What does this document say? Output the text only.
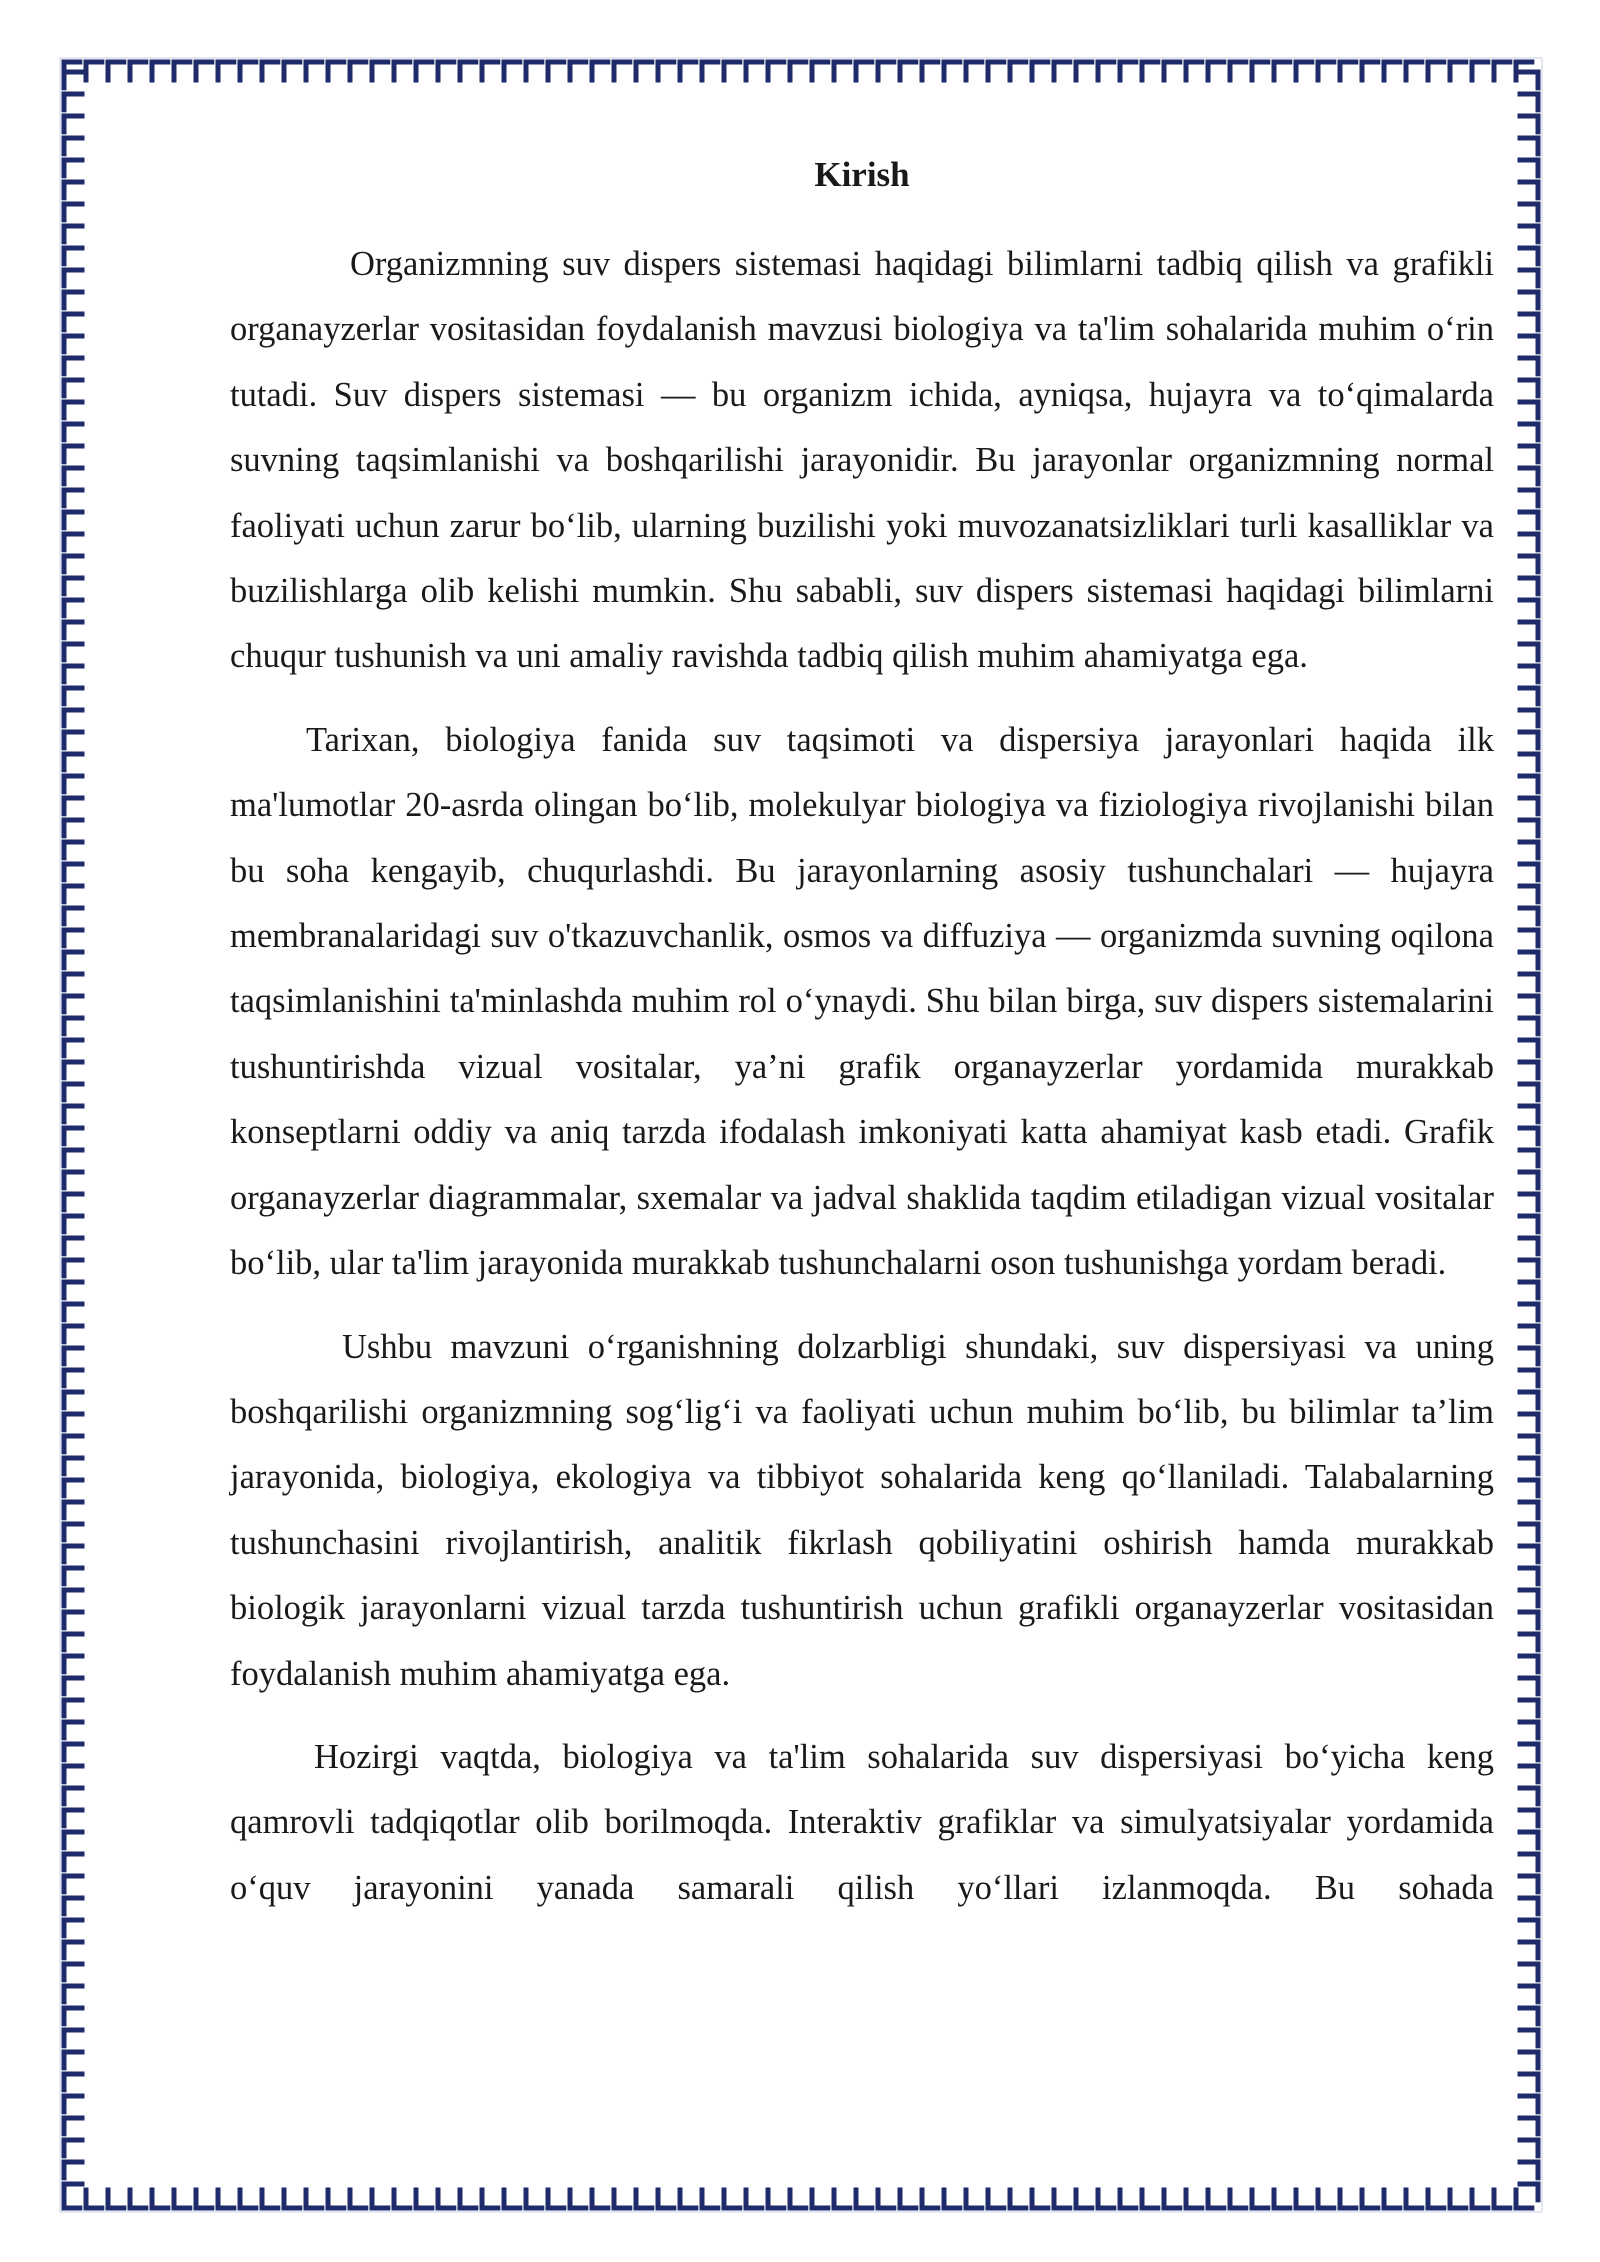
Kirish

Organizmning suv dispers sistemasi haqidagi bilimlarni tadbiq qilish va grafikli organayzerlar vositasidan foydalanish mavzusi biologiya va ta'lim sohalarida muhim o‘rin tutadi. Suv dispers sistemasi — bu organizm ichida, ayniqsa, hujayra va to‘qimalarda suvning taqsimlanishi va boshqarilishi jarayonidir. Bu jarayonlar organizmning normal faoliyati uchun zarur bo‘lib, ularning buzilishi yoki muvozanatsizliklari turli kasalliklar va buzilishlarga olib kelishi mumkin. Shu sababli, suv dispers sistemasi haqidagi bilimlarni chuqur tushunish va uni amaliy ravishda tadbiq qilish muhim ahamiyatga ega.

Tarixan, biologiya fanida suv taqsimoti va dispersiya jarayonlari haqida ilk ma'lumotlar 20-asrda olingan bo‘lib, molekulyar biologiya va fiziologiya rivojlanishi bilan bu soha kengayib, chuqurlashdi. Bu jarayonlarning asosiy tushunchalari — hujayra membranalaridagi suv o'tkazuvchanlik, osmos va diffuziya — organizmda suvning oqilona taqsimlanishini ta'minlashda muhim rol o‘ynaydi. Shu bilan birga, suv dispers sistemalarini tushuntirishda vizual vositalar, ya’ni grafik organayzerlar yordamida murakkab konseptlarni oddiy va aniq tarzda ifodalash imkoniyati katta ahamiyat kasb etadi. Grafik organayzerlar diagrammalar, sxemalar va jadval shaklida taqdim etiladigan vizual vositalar bo‘lib, ular ta'lim jarayonida murakkab tushunchalarni oson tushunishga yordam beradi.

Ushbu mavzuni o‘rganishning dolzarbligi shundaki, suv dispersiyasi va uning boshqarilishi organizmning sog‘lig‘i va faoliyati uchun muhim bo‘lib, bu bilimlar ta’lim jarayonida, biologiya, ekologiya va tibbiyot sohalarida keng qo‘llaniladi. Talabalarning tushunchasini rivojlantirish, analitik fikrlash qobiliyatini oshirish hamda murakkab biologik jarayonlarni vizual tarzda tushuntirish uchun grafikli organayzerlar vositasidan foydalanish muhim ahamiyatga ega.

Hozirgi vaqtda, biologiya va ta'lim sohalarida suv dispersiyasi bo‘yicha keng qamrovli tadqiqotlar olib borilmoqda. Interaktiv grafiklar va simulyatsiyalar yordamida o‘quv jarayonini yanada samarali qilish yo‘llari izlanmoqda. Bu sohada
